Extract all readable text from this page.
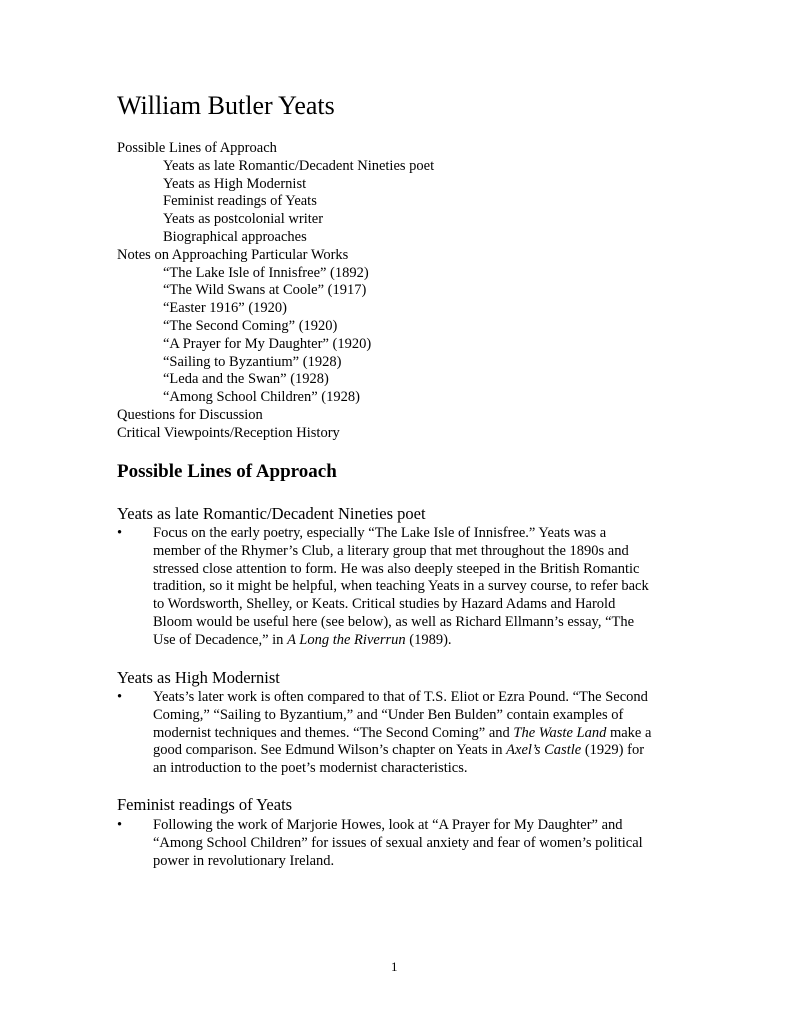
William Butler Yeats
Possible Lines of Approach
Yeats as late Romantic/Decadent Nineties poet
Yeats as High Modernist
Feminist readings of Yeats
Yeats as postcolonial writer
Biographical approaches
Notes on Approaching Particular Works
“The Lake Isle of Innisfree” (1892)
“The Wild Swans at Coole” (1917)
“Easter 1916” (1920)
“The Second Coming” (1920)
“A Prayer for My Daughter” (1920)
“Sailing to Byzantium” (1928)
“Leda and the Swan” (1928)
“Among School Children” (1928)
Questions for Discussion
Critical Viewpoints/Reception History
Possible Lines of Approach
Yeats as late Romantic/Decadent Nineties poet
• Focus on the early poetry, especially “The Lake Isle of Innisfree.” Yeats was a member of the Rhymer’s Club, a literary group that met throughout the 1890s and stressed close attention to form. He was also deeply steeped in the British Romantic tradition, so it might be helpful, when teaching Yeats in a survey course, to refer back to Wordsworth, Shelley, or Keats. Critical studies by Hazard Adams and Harold Bloom would be useful here (see below), as well as Richard Ellmann’s essay, “The Use of Decadence,” in A Long the Riverrun (1989).
Yeats as High Modernist
• Yeats’s later work is often compared to that of T.S. Eliot or Ezra Pound. “The Second Coming,” “Sailing to Byzantium,” and “Under Ben Bulden” contain examples of modernist techniques and themes. “The Second Coming” and The Waste Land make a good comparison. See Edmund Wilson’s chapter on Yeats in Axel’s Castle (1929) for an introduction to the poet’s modernist characteristics.
Feminist readings of Yeats
• Following the work of Marjorie Howes, look at “A Prayer for My Daughter” and “Among School Children” for issues of sexual anxiety and fear of women’s political power in revolutionary Ireland.
1
